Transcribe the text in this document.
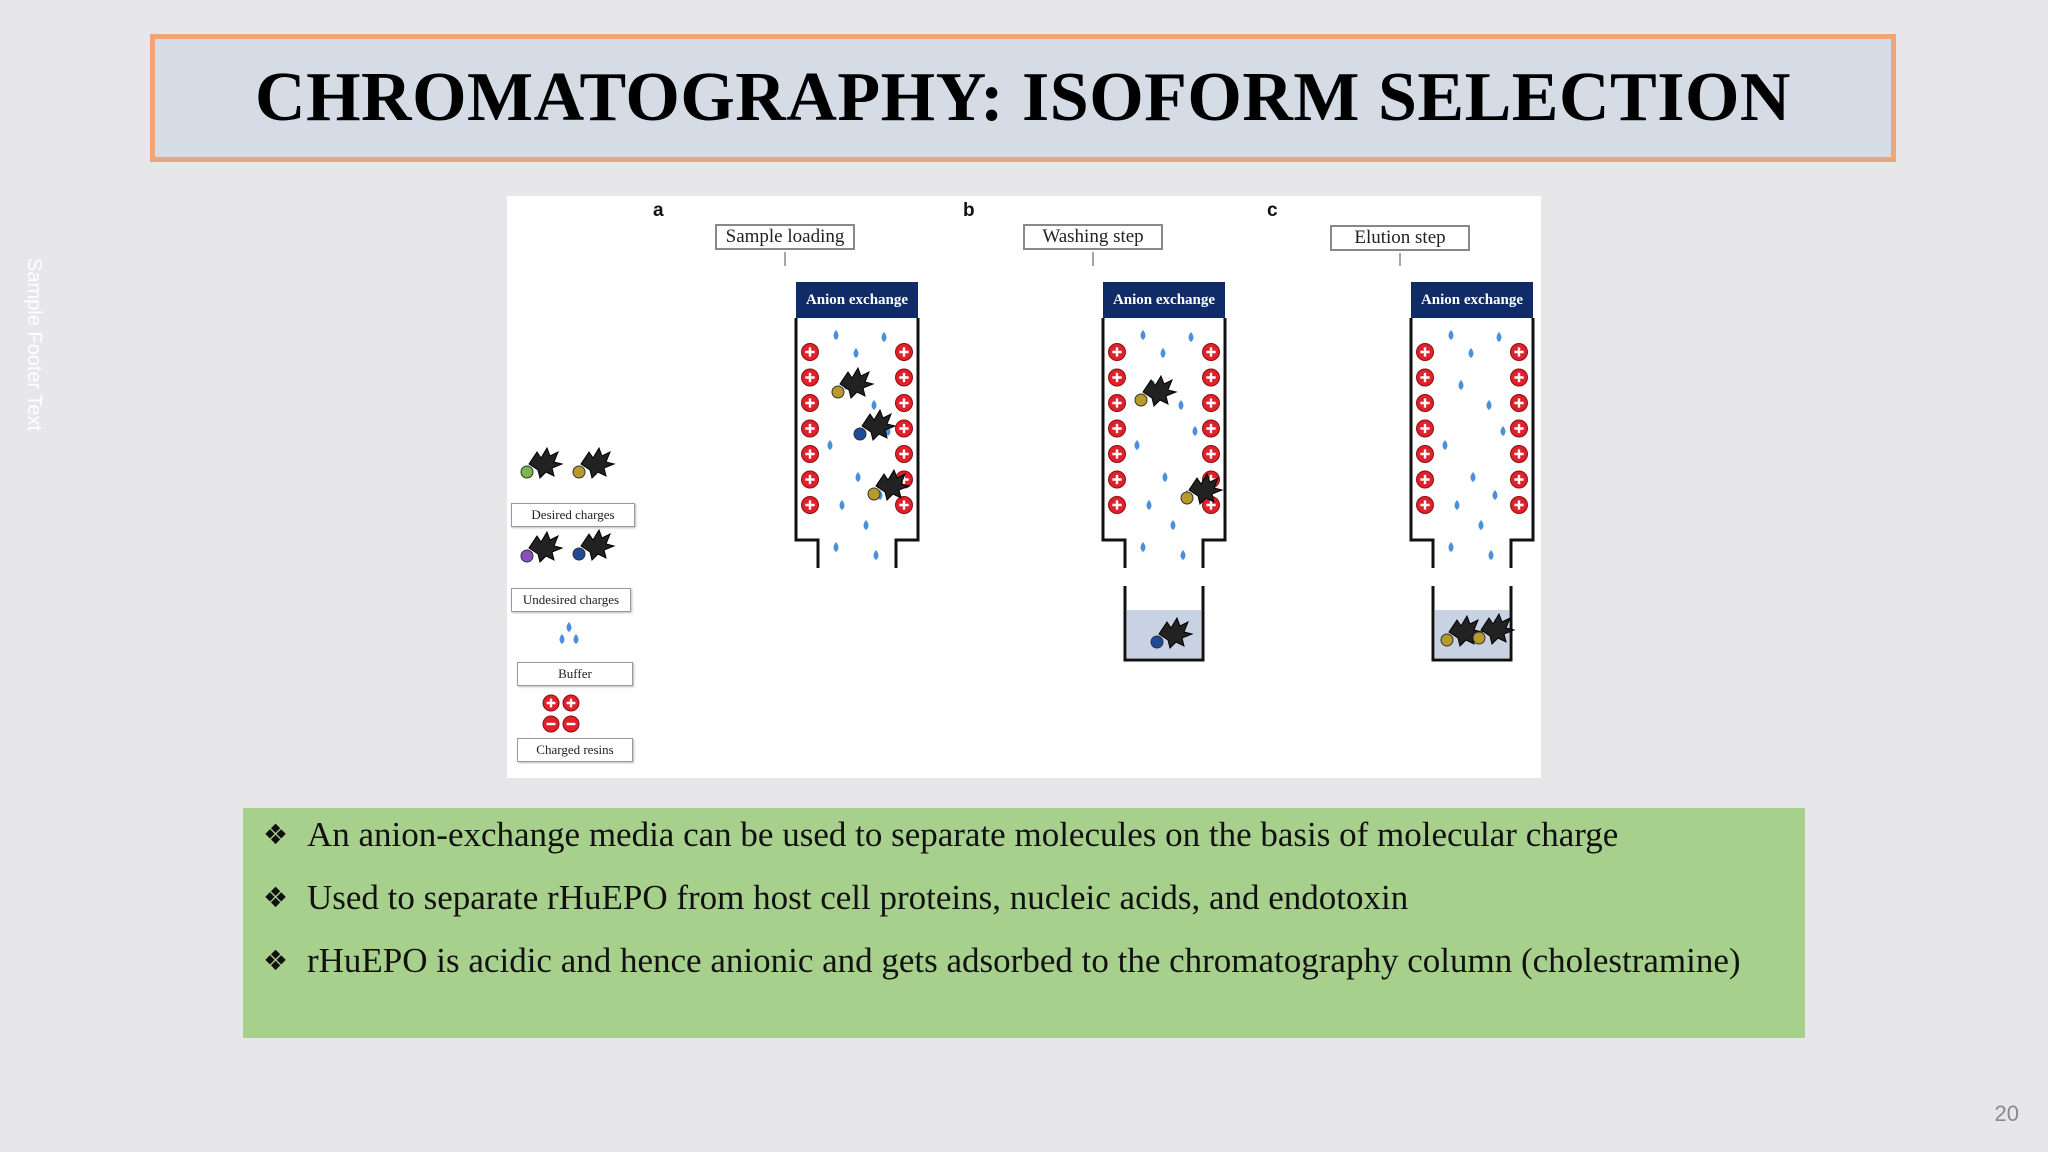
CHROMATOGRAPHY: ISOFORM SELECTION
Sample Footer Text
a	b	c
Sample loading	Washing step	Elution step
Anion exchange	Anion exchange	Anion exchange
Desired charges
Undesired charges
Buffer
Charged resins
❖ An anion-exchange media can be used to separate molecules on the basis of molecular charge
❖ Used to separate rHuEPO from host cell proteins, nucleic acids, and endotoxin
❖ rHuEPO is acidic and hence anionic and gets adsorbed to the chromatography column (cholestramine)
20
